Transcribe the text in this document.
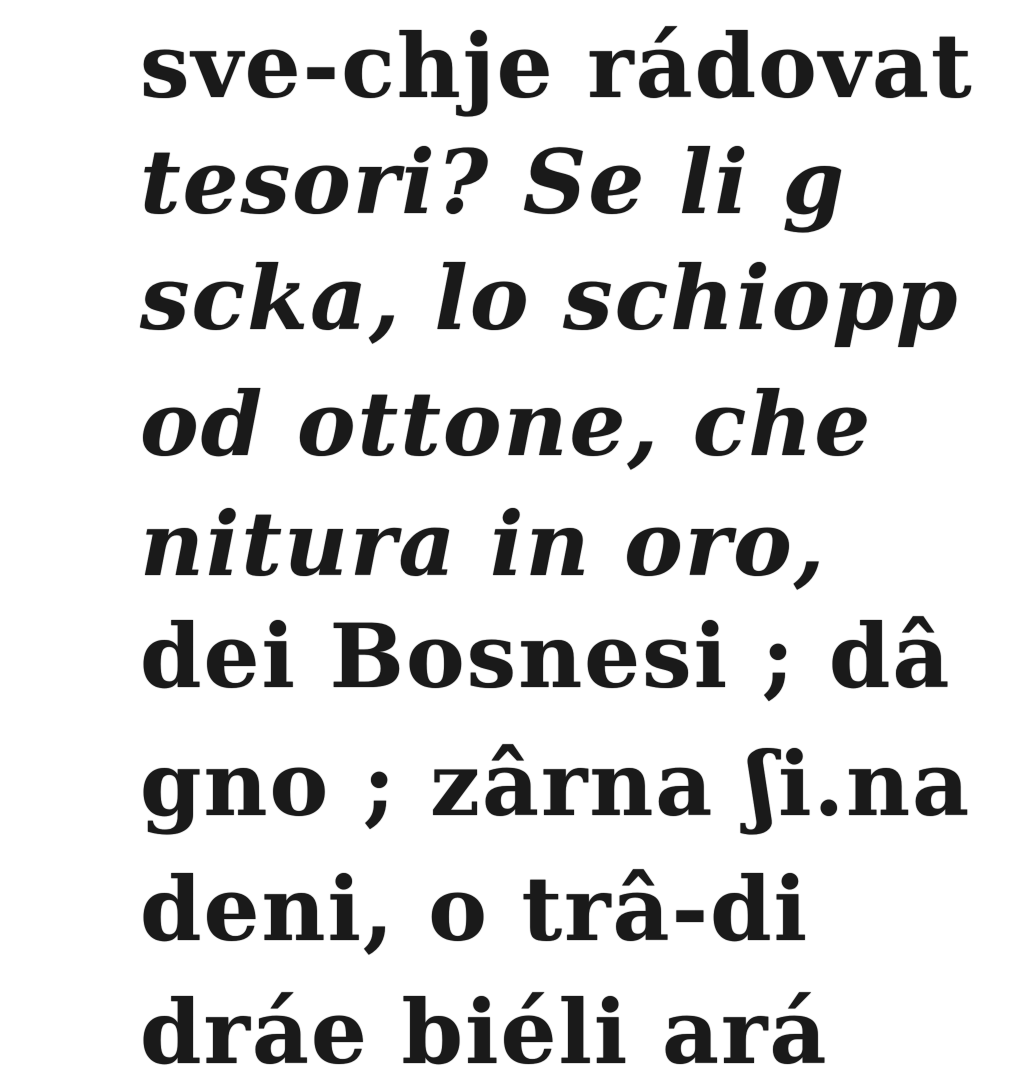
sve-chje rádovat
tesori? Se li g
scka, lo schiopp
od ottone, che
nitura in oro,
dei Bosnesi ; dâ
gno ; zârna ʃi.na
deni, o trâ-di
dráe biéli ará
